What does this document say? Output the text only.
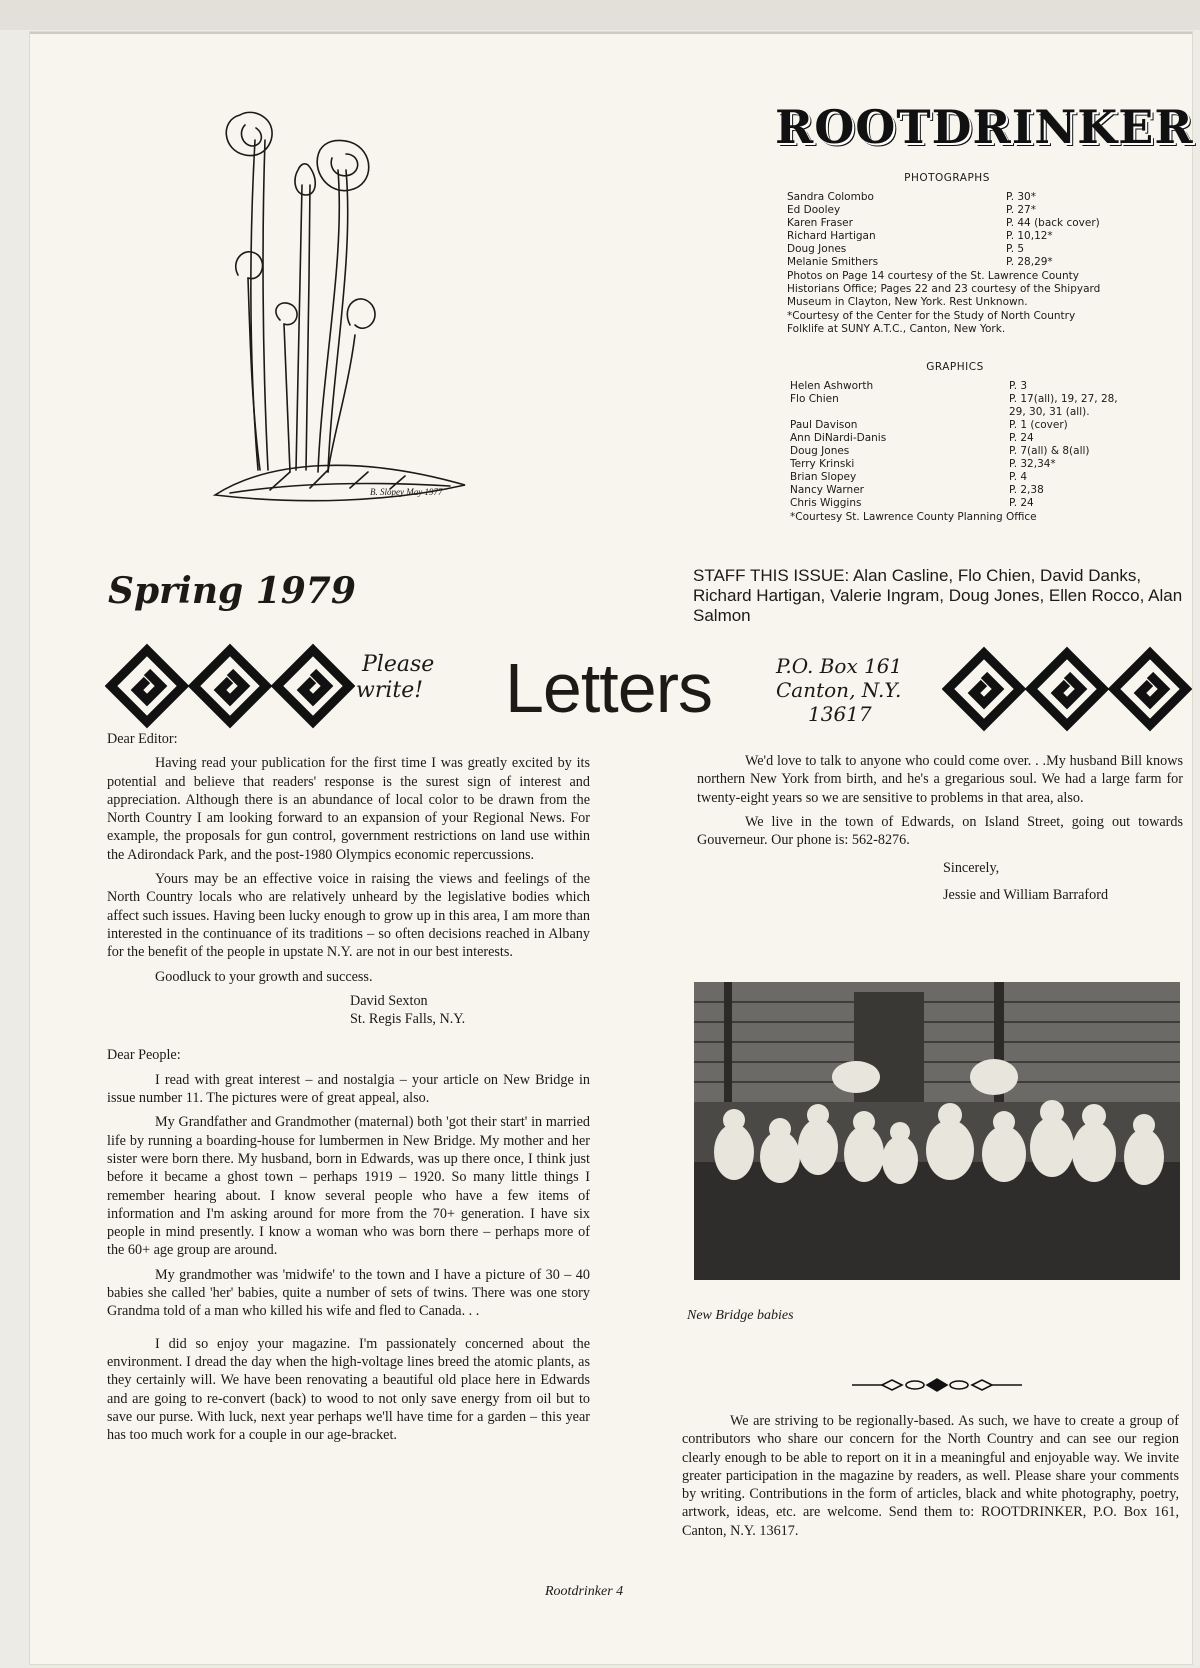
B. Slopey May 1977
ROOTDRINKER
PHOTOGRAPHS
Sandra Colombo	P. 30*
Ed Dooley	P. 27*
Karen Fraser	P. 44 (back cover)
Richard Hartigan	P. 10,12*
Doug Jones	P. 5
Melanie Smithers	P. 28,29*
Photos on Page 14 courtesy of the St. Lawrence County Historians Office; Pages 22 and 23 courtesy of the Shipyard Museum in Clayton, New York. Rest Unknown.
*Courtesy of the Center for the Study of North Country Folklife at SUNY A.T.C., Canton, New York.
GRAPHICS
Helen Ashworth	P. 3
Flo Chien	P. 17(all), 19, 27, 28, 29, 30, 31 (all).
Paul Davison	P. 1 (cover)
Ann DiNardi-Danis	P. 24
Doug Jones	P. 7(all) & 8(all)
Terry Krinski	P. 32,34*
Brian Slopey	P. 4
Nancy Warner	P. 2,38
Chris Wiggins	P. 24
*Courtesy St. Lawrence County Planning Office
STAFF THIS ISSUE: Alan Casline, Flo Chien, David Danks, Richard Hartigan, Valerie Ingram, Doug Jones, Ellen Rocco, Alan Salmon
Spring 1979
Please
write! Letters	P.O. Box 161
Canton, N.Y.
13617
Dear Editor:

Having read your publication for the first time I was greatly excited by its potential and believe that readers' response is the surest sign of interest and appreciation. Although there is an abundance of local color to be drawn from the North Country I am looking forward to an expansion of your Regional News. For example, the proposals for gun control, government restrictions on land use within the Adirondack Park, and the post-1980 Olympics economic repercussions.

Yours may be an effective voice in raising the views and feelings of the North Country locals who are relatively unheard by the legislative bodies which affect such issues. Having been lucky enough to grow up in this area, I am more than interested in the continuance of its traditions – so often decisions reached in Albany for the benefit of the people in upstate N.Y. are not in our best interests.

Goodluck to your growth and success.

David Sexton
St. Regis Falls, N.Y.
Dear People:

I read with great interest – and nostalgia – your article on New Bridge in issue number 11. The pictures were of great appeal, also.

My Grandfather and Grandmother (maternal) both 'got their start' in married life by running a boarding-house for lumbermen in New Bridge. My mother and her sister were born there. My husband, born in Edwards, was up there once, I think just before it became a ghost town – perhaps 1919 – 1920. So many little things I remember hearing about. I know several people who have a few items of information and I'm asking around for more from the 70+ generation. I have six people in mind presently. I know a woman who was born there – perhaps more of the 60+ age group are around.

My grandmother was 'midwife' to the town and I have a picture of 30 – 40 babies she called 'her' babies, quite a number of sets of twins. There was one story Grandma told of a man who killed his wife and fled to Canada. . .

I did so enjoy your magazine. I'm passionately concerned about the environment. I dread the day when the high-voltage lines breed the atomic plants, as they certainly will. We have been renovating a beautiful old place here in Edwards and are going to re-convert (back) to wood to not only save energy from oil but to save our purse. With luck, next year perhaps we'll have time for a garden – this year has too much work for a couple in our age-bracket.

We'd love to talk to anyone who could come over. . .My husband Bill knows northern New York from birth, and he's a gregarious soul. We had a large farm for twenty-eight years so we are sensitive to problems in that area, also.

We live in the town of Edwards, on Island Street, going out towards Gouverneur. Our phone is: 562-8276.

Sincerely,
Jessie and William Barraford
New Bridge babies

We are striving to be regionally-based. As such, we have to create a group of contributors who share our concern for the North Country and can see our region clearly enough to be able to report on it in a meaningful and enjoyable way. We invite greater participation in the magazine by readers, as well. Please share your comments by writing. Contributions in the form of articles, black and white photography, poetry, artwork, ideas, etc. are welcome. Send them to: ROOTDRINKER, P.O. Box 161, Canton, N.Y. 13617.

Rootdrinker 4
